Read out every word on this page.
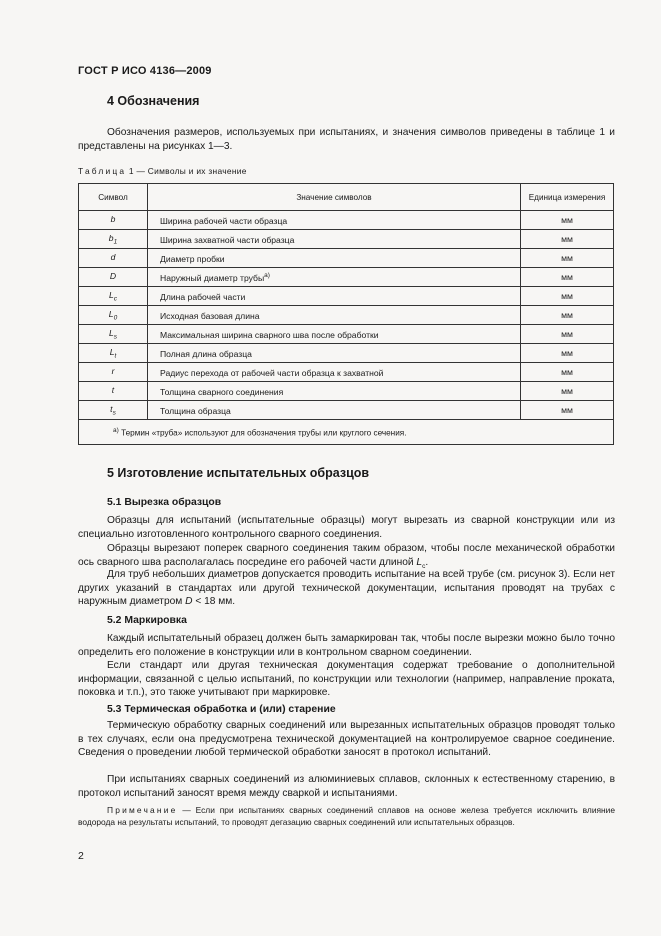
ГОСТ Р ИСО 4136—2009
4 Обозначения
Обозначения размеров, используемых при испытаниях, и значения символов приведены в таблице 1 и представлены на рисунках 1—3.
Таблица 1 — Символы и их значение
Символ	Значение символов	Единица измерения
b	Ширина рабочей части образца	мм
$b_1$	Ширина захватной части образца	мм
d	Диаметр пробки	мм
D	Наружный диаметр трубы$^{а)}$	мм
$L_c$	Длина рабочей части	мм
$L_0$	Исходная базовая длина	мм
$L_s$	Максимальная ширина сварного шва после обработки	мм
$L_t$	Полная длина образца	мм
r	Радиус перехода от рабочей части образца к захватной	мм
t	Толщина сварного соединения	мм
$t_s$	Толщина образца	мм
$^{а)}$ Термин «труба» используют для обозначения трубы или круглого сечения.		
5 Изготовление испытательных образцов
5.1 Вырезка образцов
Образцы для испытаний (испытательные образцы) могут вырезать из сварной конструкции или из специально изготовленного контрольного сварного соединения.
Образцы вырезают поперек сварного соединения таким образом, чтобы после механической обработки ось сварного шва располагалась посредине его рабочей части длиной $L_c$.
Для труб небольших диаметров допускается проводить испытание на всей трубе (см. рисунок 3). Если нет других указаний в стандартах или другой технической документации, испытания проводят на трубах с наружным диаметром D < 18 мм.
5.2 Маркировка
Каждый испытательный образец должен быть замаркирован так, чтобы после вырезки можно было точно определить его положение в конструкции или в контрольном сварном соединении.
Если стандарт или другая техническая документация содержат требование о дополнительной информации, связанной с целью испытаний, по конструкции или технологии (например, направление проката, поковка и т.п.), это также учитывают при маркировке.
5.3 Термическая обработка и (или) старение
Термическую обработку сварных соединений или вырезанных испытательных образцов проводят только в тех случаях, если она предусмотрена технической документацией на контролируемое сварное соединение. Сведения о проведении любой термической обработки заносят в протокол испытаний.
При испытаниях сварных соединений из алюминиевых сплавов, склонных к естественному старению, в протокол испытаний заносят время между сваркой и испытаниями.
Примечание — Если при испытаниях сварных соединений сплавов на основе железа требуется исключить влияние водорода на результаты испытаний, то проводят дегазацию сварных соединений или испытательных образцов.
2
